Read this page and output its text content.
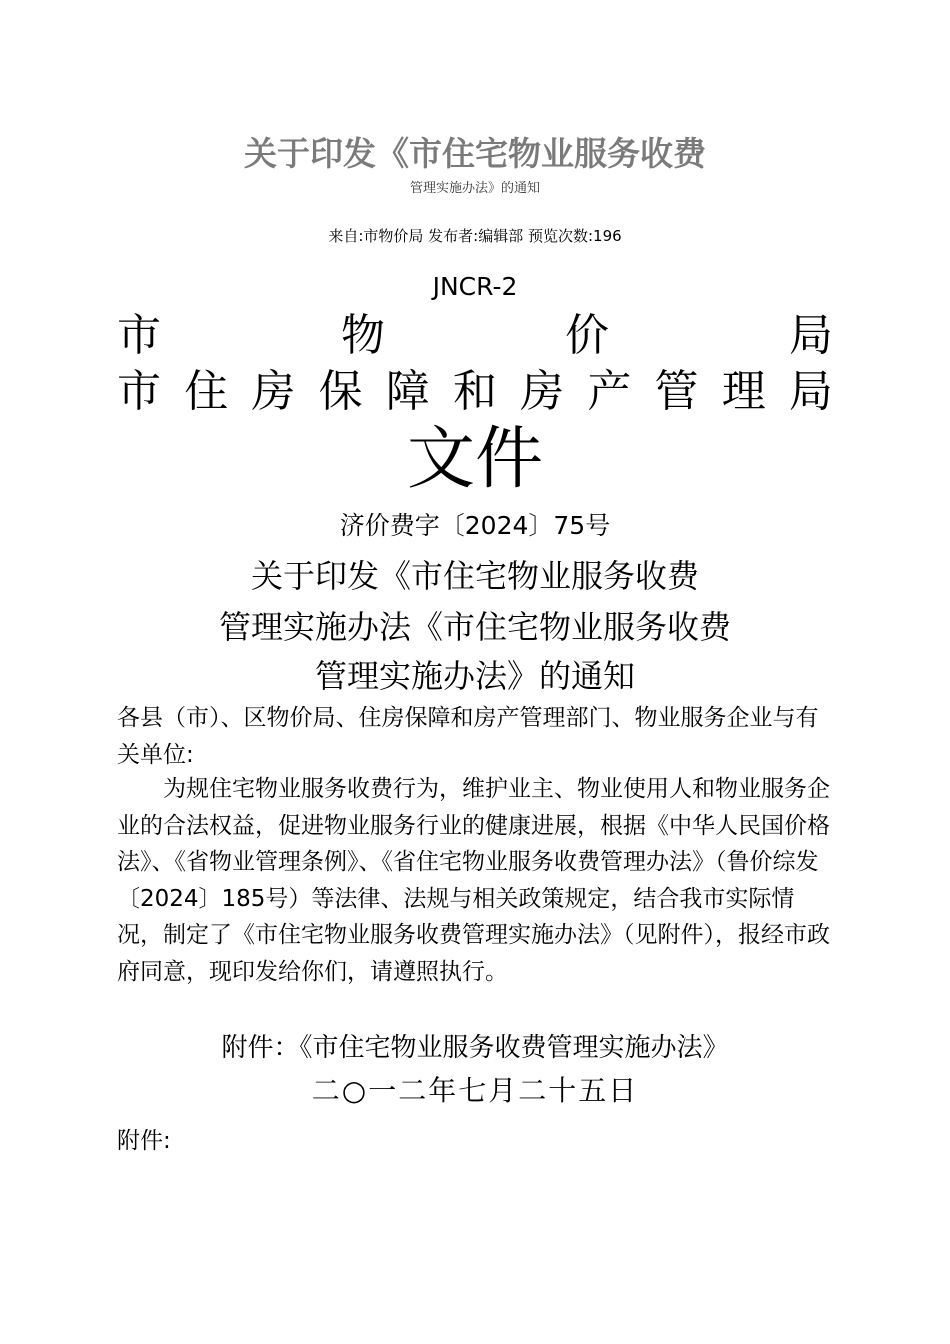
关于印发《市住宅物业服务收费
管理实施办法》的通知
来自:市物价局 发布者:编辑部 预览次数:196
JNCR-2
市	物	价	局
市 住 房 保 障 和 房 产 管 理 局
文件
济价费字〔2024〕75号
关于印发《市住宅物业服务收费
管理实施办法《市住宅物业服务收费
管理实施办法》的通知
各县（市）、区物价局、住房保障和房产管理部门、物业服务企业与有关单位:
为规住宅物业服务收费行为，维护业主、物业使用人和物业服务企业的合法权益，促进物业服务行业的健康进展，根据《中华人民国价格法》、《省物业管理条例》、《省住宅物业服务收费管理办法》（鲁价综发〔2024〕185号）等法律、法规与相关政策规定，结合我市实际情况，制定了《市住宅物业服务收费管理实施办法》（见附件），报经市政府同意，现印发给你们，请遵照执行。
附件：《市住宅物业服务收费管理实施办法》
二○一二年七月二十五日
附件:
